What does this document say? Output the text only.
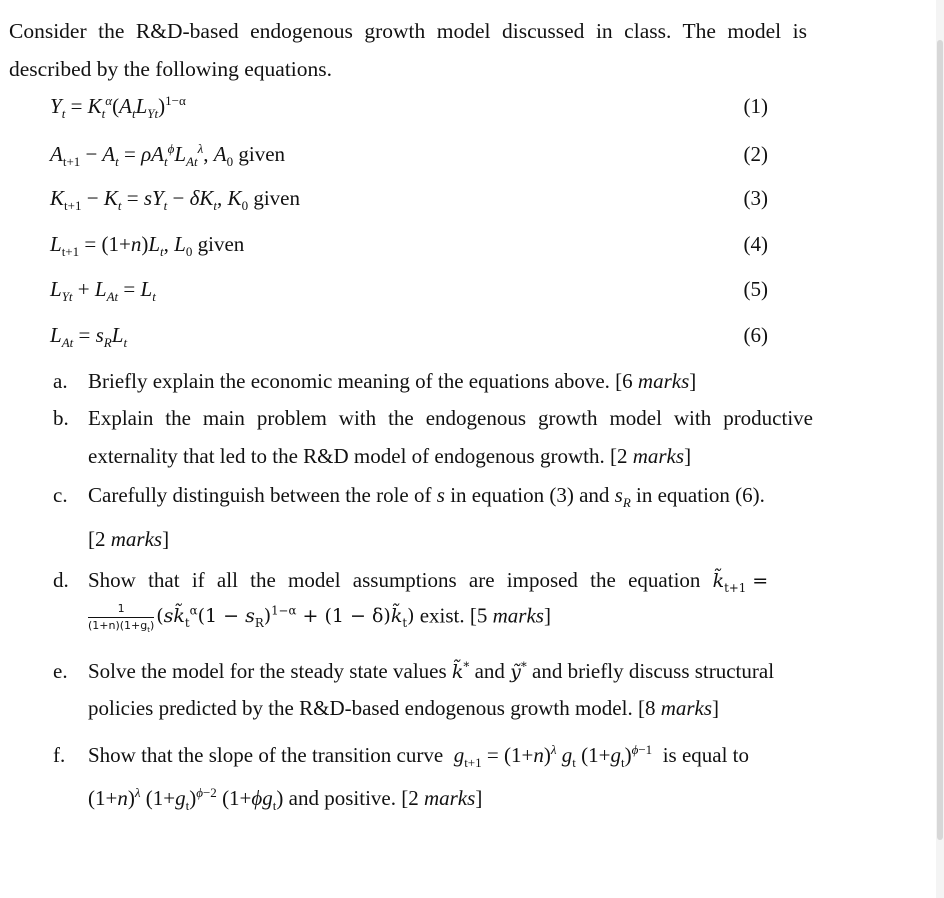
Consider the R&D-based endogenous growth model discussed in class. The model is described by the following equations.
$Y_t = K_t^\alpha(A_tL_{Yt})^{1-\alpha}$	(1)
$A_{t+1} - A_t = \rho A_t^\phi L_{At}^\lambda$, $A_0$ given	(2)
$K_{t+1} - K_t = sY_t - \delta K_t$, $K_0$ given	(3)
$L_{t+1} = (1+n)L_t$, $L_0$ given	(4)
$L_{Yt} + L_{At} = L_t$	(5)
$L_{At} = s_RL_t$	(6)
a. Briefly explain the economic meaning of the equations above. [6 marks]
b. Explain the main problem with the endogenous growth model with productive
externality that led to the R&D model of endogenous growth. [2 marks]
c. Carefully distinguish between the role of s in equation (3) and $s_R$ in equation (6).
[2 marks]
d. Show that if all the model assumptions are imposed the equation $k̃_{t+1}$ =
$\frac{1}{(1+n)(1+g_t)}$ ($sk̃_t^\alpha(1 - s_R)^{1-\alpha} + (1$ − $\delta)k̃_t$) exist. [5 marks]
e. Solve the model for the steady state values k̃* and ỹ* and briefly discuss structural
policies predicted by the R&D-based endogenous growth model. [8 marks]
f.	Show that the slope of the transition curve $g_{t+1} = (1+n)^\lambda$ $g_t$ $(1+g_t)^{\phi-1}$ is equal to
$(1+n)^\lambda$ $(1+g_t)^{\phi-2}$ $(1+\phi g_t)$ and positive. [2 marks]
